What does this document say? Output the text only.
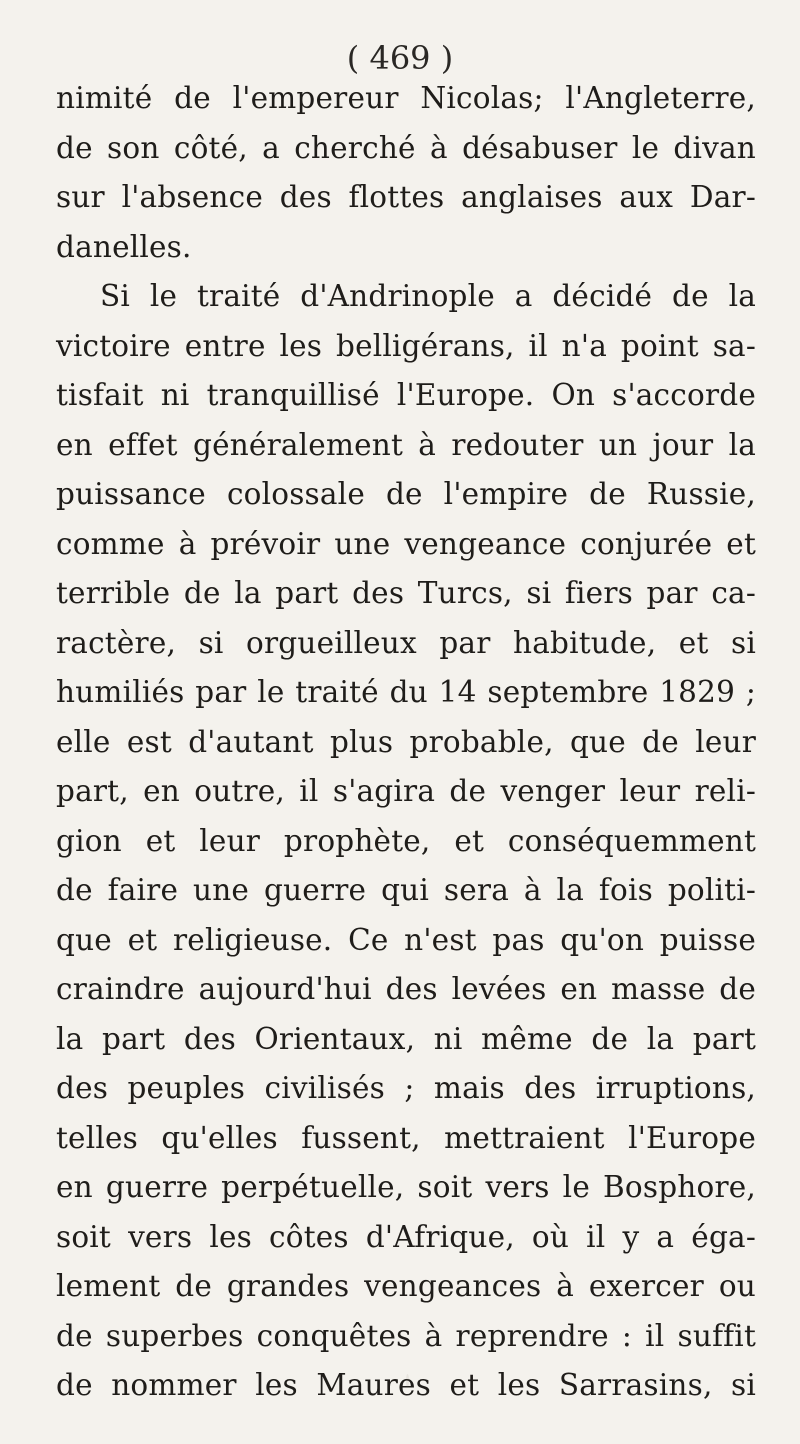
( 469 )
nimité de l'empereur Nicolas; l'Angleterre,
de son côté, a cherché à désabuser le divan
sur l'absence des flottes anglaises aux Dar-
danelles.
Si le traité d'Andrinople a décidé de la
victoire entre les belligérans, il n'a point sa-
tisfait ni tranquillisé l'Europe. On s'accorde
en effet généralement à redouter un jour la
puissance colossale de l'empire de Russie,
comme à prévoir une vengeance conjurée et
terrible de la part des Turcs, si fiers par ca-
ractère, si orgueilleux par habitude, et si
humiliés par le traité du 14 septembre 1829 ;
elle est d'autant plus probable, que de leur
part, en outre, il s'agira de venger leur reli-
gion et leur prophète, et conséquemment
de faire une guerre qui sera à la fois politi-
que et religieuse. Ce n'est pas qu'on puisse
craindre aujourd'hui des levées en masse de
la part des Orientaux, ni même de la part
des peuples civilisés ; mais des irruptions,
telles qu'elles fussent, mettraient l'Europe
en guerre perpétuelle, soit vers le Bosphore,
soit vers les côtes d'Afrique, où il y a éga-
lement de grandes vengeances à exercer ou
de superbes conquêtes à reprendre : il suffit
de nommer les Maures et les Sarrasins, si
